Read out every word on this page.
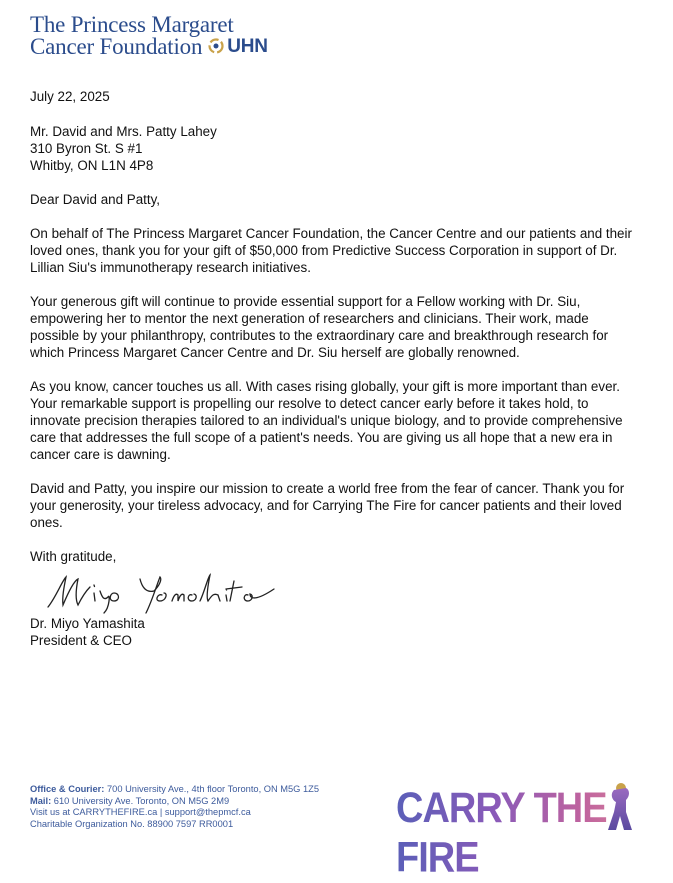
The Princess Margaret
Cancer Foundation UHN

July 22, 2025

Mr. David and Mrs. Patty Lahey

310 Byron St. S #1

Whitby, ON L1N 4P8

Dear David and Patty,

On behalf of The Princess Margaret Cancer Foundation, the Cancer Centre and our patients and their loved ones, thank you for your gift of $50,000 from Predictive Success Corporation in support of Dr. Lillian Siu's immunotherapy research initiatives.

Your generous gift will continue to provide essential support for a Fellow working with Dr. Siu, empowering her to mentor the next generation of researchers and clinicians. Their work, made possible by your philanthropy, contributes to the extraordinary care and breakthrough research for which Princess Margaret Cancer Centre and Dr. Siu herself are globally renowned.

As you know, cancer touches us all. With cases rising globally, your gift is more important than ever. Your remarkable support is propelling our resolve to detect cancer early before it takes hold, to innovate precision therapies tailored to an individual's unique biology, and to provide comprehensive care that addresses the full scope of a patient's needs. You are giving us all hope that a new era in cancer care is dawning.

David and Patty, you inspire our mission to create a world free from the fear of cancer. Thank you for your generosity, your tireless advocacy, and for Carrying The Fire for cancer patients and their loved ones.

With gratitude,

Dr. Miyo Yamashita

President & CEO

Office & Courier: 700 University Ave., 4th floor Toronto, ON M5G 1Z5
Mail: 610 University Ave. Toronto, ON M5G 2M9
Visit us at CARRYTHEFIRE.ca | support@thepmcf.ca
Charitable Organization No. 88900 7597 RR0001	CARRY THE FIRE
